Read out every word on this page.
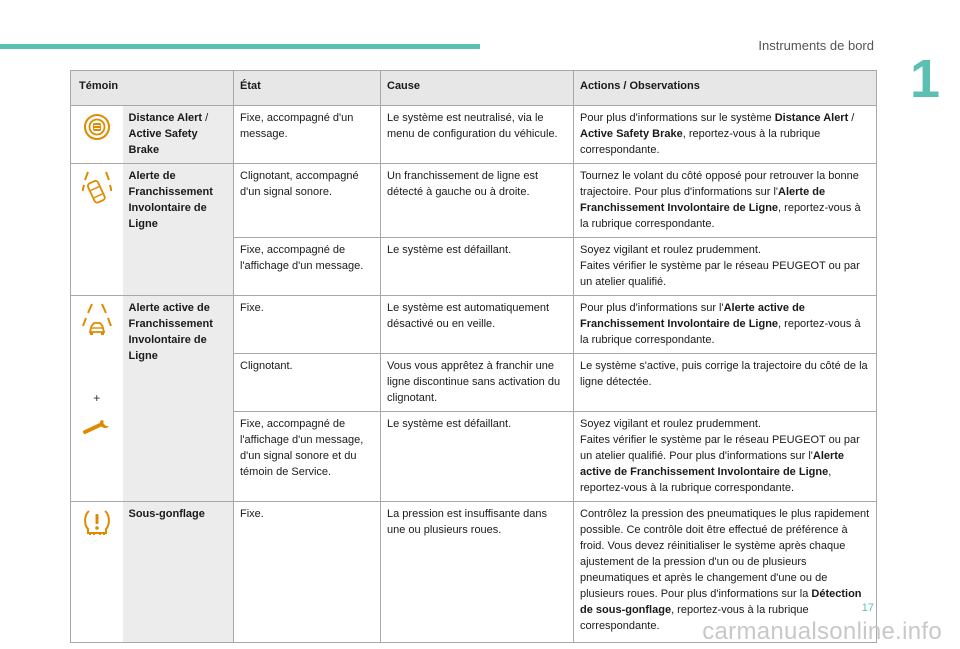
Instruments de bord
1
Témoin		État	Cause	Actions / Observations
	Distance Alert / Active Safety Brake	Fixe, accompagné d'un message.	Le système est neutralisé, via le menu de configuration du véhicule.	Pour plus d'informations sur le système Distance Alert / Active Safety Brake, reportez-vous à la rubrique correspondante.
	Alerte de Franchissement Involontaire de Ligne	Clignotant, accompagné d'un signal sonore.	Un franchissement de ligne est détecté à gauche ou à droite.	Tournez le volant du côté opposé pour retrouver la bonne trajectoire. Pour plus d'informations sur l'Alerte de Franchissement Involontaire de Ligne, reportez-vous à la rubrique correspondante.
		Fixe, accompagné de l'affichage d'un message.	Le système est défaillant.	Soyez vigilant et roulez prudemment.
Faites vérifier le système par le réseau PEUGEOT ou par un atelier qualifié.

+	Alerte active de Franchissement Involontaire de Ligne	Fixe.	Le système est automatiquement désactivé ou en veille.	Pour plus d'informations sur l'Alerte active de Franchissement Involontaire de Ligne, reportez-vous à la rubrique correspondante.
		Clignotant.	Vous vous apprêtez à franchir une ligne discontinue sans activation du clignotant.	Le système s'active, puis corrige la trajectoire du côté de la ligne détectée.
		Fixe, accompagné de l'affichage d'un message, d'un signal sonore et du témoin de Service.	Le système est défaillant.	Soyez vigilant et roulez prudemment.
Faites vérifier le système par le réseau PEUGEOT ou par un atelier qualifié. Pour plus d'informations sur l'Alerte active de Franchissement Involontaire de Ligne, reportez-vous à la rubrique correspondante.
	Sous-gonflage	Fixe.	La pression est insuffisante dans une ou plusieurs roues.	Contrôlez la pression des pneumatiques le plus rapidement possible. Ce contrôle doit être effectué de préférence à froid. Vous devez réinitialiser le système après chaque ajustement de la pression d'un ou de plusieurs pneumatiques et après le changement d'une ou de plusieurs roues. Pour plus d'informations sur la Détection de sous-gonflage, reportez-vous à la rubrique correspondante.
17
carmanualsonline.info
